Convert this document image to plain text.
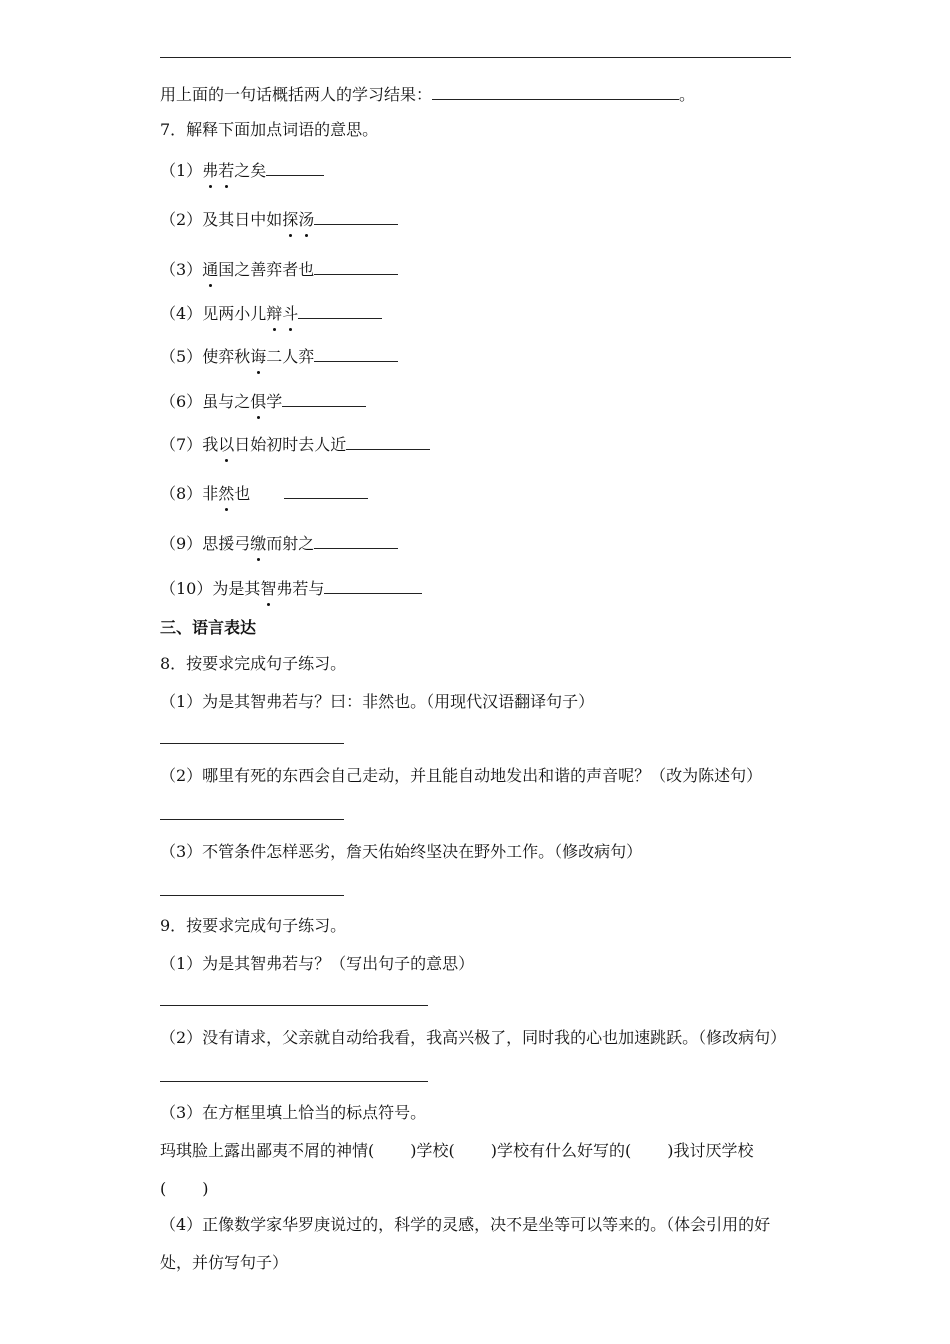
用上面的一句话概括两人的学习结果：	。
7．解释下面加点词语的意思。
（1）弗若之矣
（2）及其日中如探汤
（3）通国之善弈者也
（4）见两小儿辩斗
（5）使弈秋诲二人弈
（6）虽与之俱学
（7）我以日始初时去人近
（8）非然也
（9）思援弓缴而射之
（10）为是其智弗若与
三、语言表达
8．按要求完成句子练习。
（1）为是其智弗若与？曰：非然也。（用现代汉语翻译句子）
（2）哪里有死的东西会自己走动，并且能自动地发出和谐的声音呢？（改为陈述句）
（3）不管条件怎样恶劣，詹天佑始终坚决在野外工作。（修改病句）
9．按要求完成句子练习。
（1）为是其智弗若与？（写出句子的意思）
（2）没有请求，父亲就自动给我看，我高兴极了，同时我的心也加速跳跃。（修改病句）
（3）在方框里填上恰当的标点符号。
玛琪脸上露出鄙夷不屑的神情( )学校( )学校有什么好写的( )我讨厌学校
( )
（4）正像数学家华罗庚说过的，科学的灵感，决不是坐等可以等来的。（体会引用的好
处，并仿写句子）
